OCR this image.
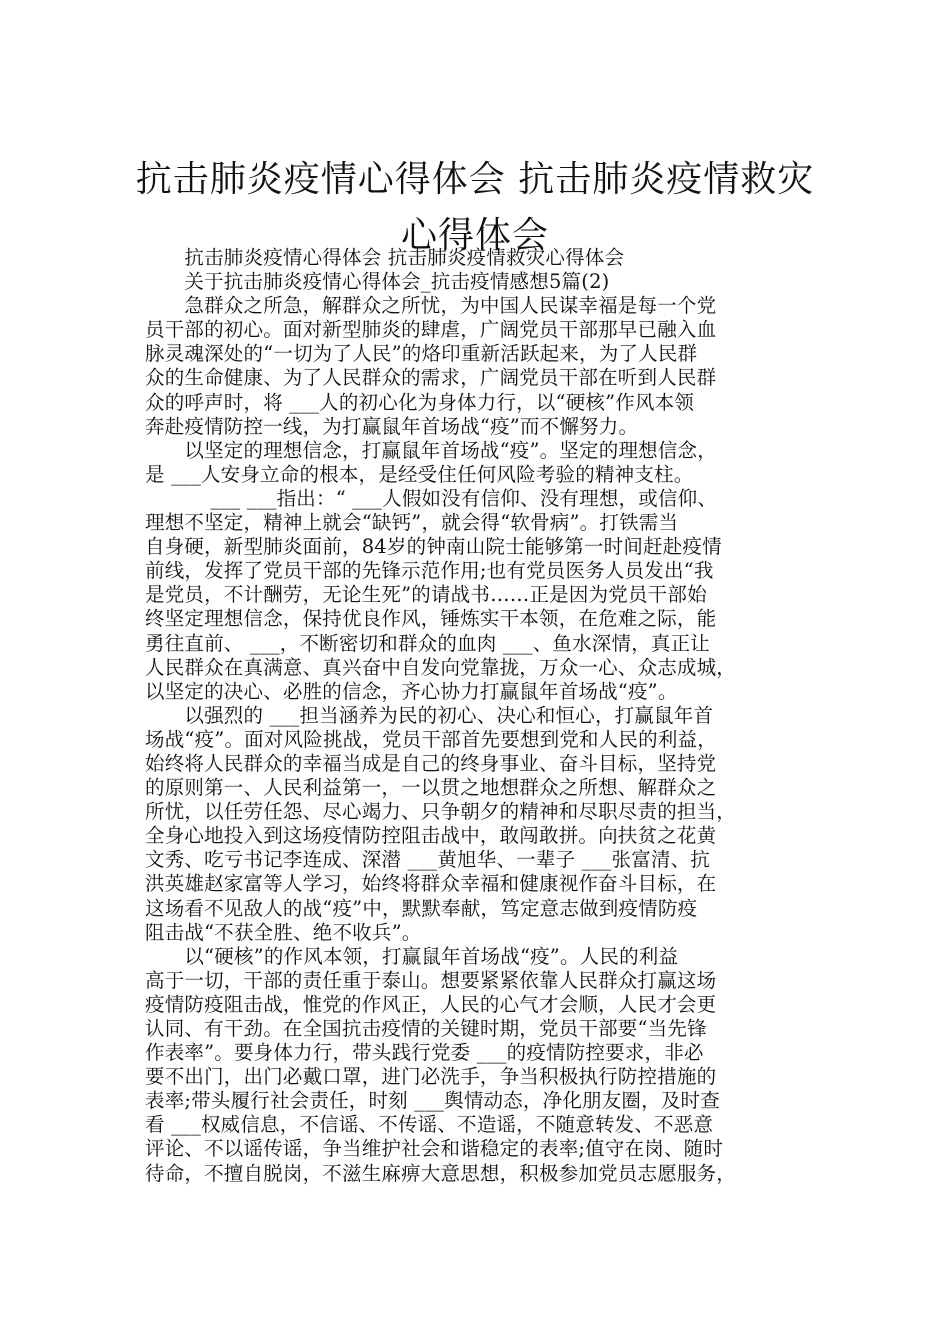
抗击肺炎疫情心得体会 抗击肺炎疫情救灾
心得体会
　　抗击肺炎疫情心得体会 抗击肺炎疫情救灾心得体会
　　关于抗击肺炎疫情心得体会_抗击疫情感想5篇(2)
　　急群众之所急，解群众之所忧，为中国人民谋幸福是每一个党
员干部的初心。面对新型肺炎的肆虐，广阔党员干部那早已融入血
脉灵魂深处的“一切为了人民”的烙印重新活跃起来，为了人民群
众的生命健康、为了人民群众的需求，广阔党员干部在听到人民群
众的呼声时，将 ___人的初心化为身体力行，以“硬核”作风本领
奔赴疫情防控一线，为打赢鼠年首场战“疫”而不懈努力。
　　以坚定的理想信念，打赢鼠年首场战“疫”。坚定的理想信念，
是 ___人安身立命的根本，是经受住任何风险考验的精神支柱。
　　　 ___ ___指出：“ ___人假如没有信仰、没有理想，或信仰、
理想不坚定，精神上就会“缺钙”，就会得“软骨病”。打铁需当
自身硬，新型肺炎面前，84岁的钟南山院士能够第一时间赶赴疫情
前线，发挥了党员干部的先锋示范作用;也有党员医务人员发出“我
是党员，不计酬劳，无论生死”的请战书……正是因为党员干部始
终坚定理想信念，保持优良作风，锤炼实干本领，在危难之际，能
勇往直前、 ___，不断密切和群众的血肉 ___、鱼水深情，真正让
人民群众在真满意、真兴奋中自发向党靠拢，万众一心、众志成城，
以坚定的决心、必胜的信念，齐心协力打赢鼠年首场战“疫”。
　　以强烈的 ___担当涵养为民的初心、决心和恒心，打赢鼠年首
场战“疫”。面对风险挑战，党员干部首先要想到党和人民的利益，
始终将人民群众的幸福当成是自己的终身事业、奋斗目标，坚持党
的原则第一、人民利益第一，一以贯之地想群众之所想、解群众之
所忧，以任劳任怨、尽心竭力、只争朝夕的精神和尽职尽责的担当，
全身心地投入到这场疫情防控阻击战中，敢闯敢拼。向扶贫之花黄
文秀、吃亏书记李连成、深潜 ___黄旭华、一辈子 ___张富清、抗
洪英雄赵家富等人学习，始终将群众幸福和健康视作奋斗目标，在
这场看不见敌人的战“疫”中，默默奉献，笃定意志做到疫情防疫
阻击战“不获全胜、绝不收兵”。
　　以“硬核”的作风本领，打赢鼠年首场战“疫”。人民的利益
高于一切，干部的责任重于泰山。想要紧紧依靠人民群众打赢这场
疫情防疫阻击战，惟党的作风正，人民的心气才会顺，人民才会更
认同、有干劲。在全国抗击疫情的关键时期，党员干部要“当先锋
作表率”。要身体力行，带头践行党委 ___的疫情防控要求，非必
要不出门，出门必戴口罩，进门必洗手，争当积极执行防控措施的
表率;带头履行社会责任，时刻 ___舆情动态，净化朋友圈，及时查
看 ___权威信息，不信谣、不传谣、不造谣，不随意转发、不恶意
评论、不以谣传谣，争当维护社会和谐稳定的表率;值守在岗、随时
待命，不擅自脱岗，不滋生麻痹大意思想，积极参加党员志愿服务，
